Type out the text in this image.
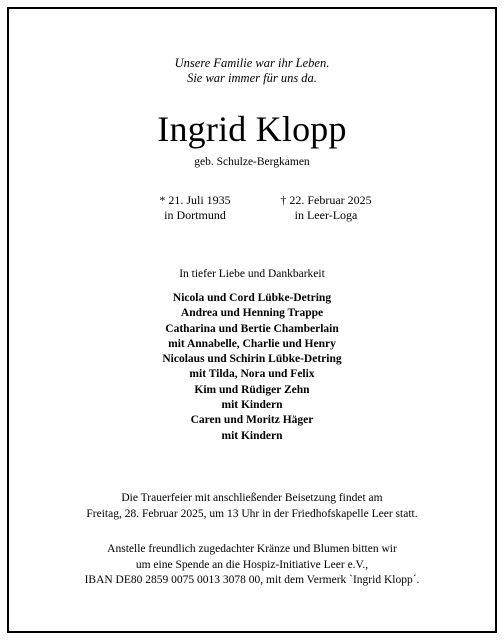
Unsere Familie war ihr Leben.
Sie war immer für uns da.
Ingrid Klopp
geb. Schulze-Bergkamen
* 21. Juli 1935
in Dortmund
† 22. Februar 2025
in Leer-Loga
In tiefer Liebe und Dankbarkeit
Nicola und Cord Lübke-Detring
Andrea und Henning Trappe
Catharina und Bertie Chamberlain
mit Annabelle, Charlie und Henry
Nicolaus und Schirin Lübke-Detring
mit Tilda, Nora und Felix
Kim und Rüdiger Zehn
mit Kindern
Caren und Moritz Häger
mit Kindern
Die Trauerfeier mit anschließender Beisetzung findet am
Freitag, 28. Februar 2025, um 13 Uhr in der Friedhofskapelle Leer statt.
Anstelle freundlich zugedachter Kränze und Blumen bitten wir
um eine Spende an die Hospiz-Initiative Leer e.V.,
IBAN DE80 2859 0075 0013 3078 00, mit dem Vermerk `Ingrid Klopp´.
